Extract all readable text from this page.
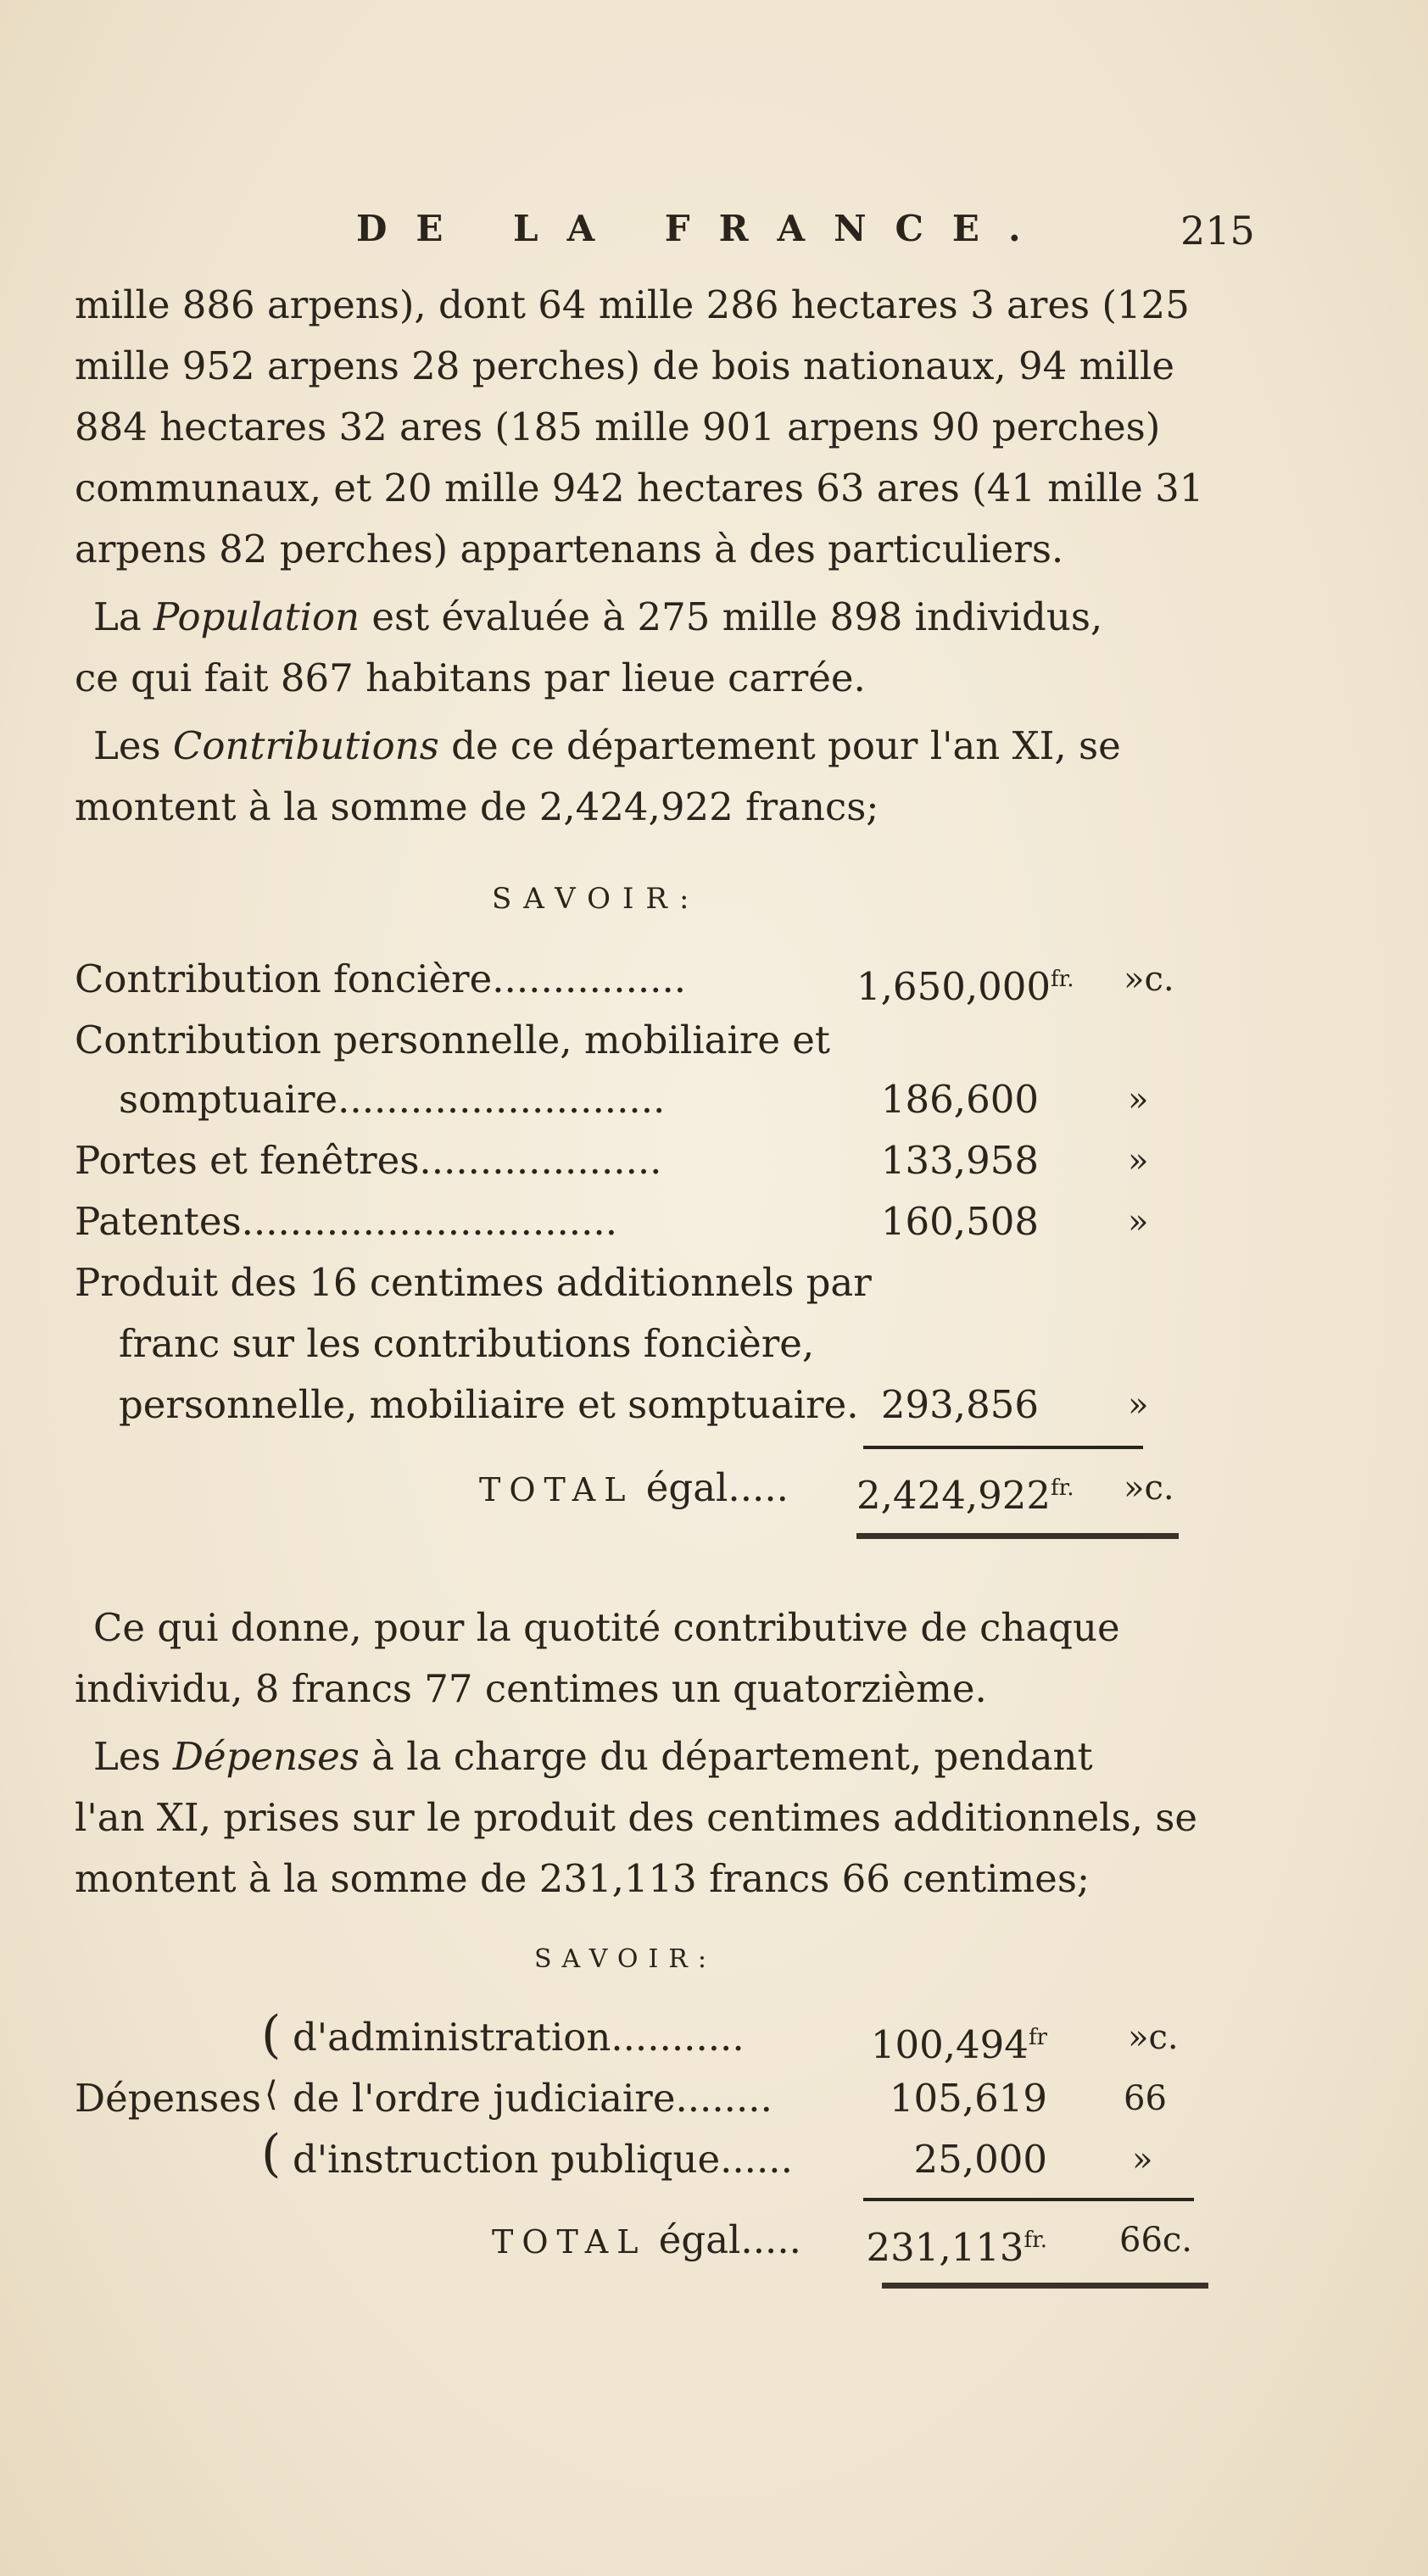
DE LA FRANCE.	215
mille 886 arpens), dont 64 mille 286 hectares 3 ares (125
mille 952 arpens 28 perches) de bois nationaux, 94 mille
884 hectares 32 ares (185 mille 901 arpens 90 perches)
communaux, et 20 mille 942 hectares 63 ares (41 mille 31
arpens 82 perches) appartenans à des particuliers.
La Population est évaluée à 275 mille 898 individus,
ce qui fait 867 habitans par lieue carrée.
Les Contributions de ce département pour l'an XI, se
montent à la somme de 2,424,922 francs;
SAVOIR:
Contribution foncière................	$1,650,000^{fr.}$ »c.
Contribution personnelle, mobiliaire et
somptuaire...........................	186,600	»
Portes et fenêtres....................	133,958	»
Patentes...............................	160,508	»
Produit des 16 centimes additionnels par
franc sur les contributions foncière,
personnelle, mobiliaire et somptuaire. 293,856	»
TOTAL égal..... $2,424,922^{fr.}$ »c.
Ce qui donne, pour la quotité contributive de chaque
individu, 8 francs 77 centimes un quatorzième.
Les Dépenses à la charge du département, pendant
l'an XI, prises sur le produit des centimes additionnels, se
montent à la somme de 231,113 francs 66 centimes;
SAVOIR:
Dépenses
(
⟨
(
d'administration...........	$100,494^{fr}$ »c.
de l'ordre judiciaire........	105,619 66
d'instruction publique......	25,000	»
TOTAL égal..... $231,113^{fr.}$ 66c.
